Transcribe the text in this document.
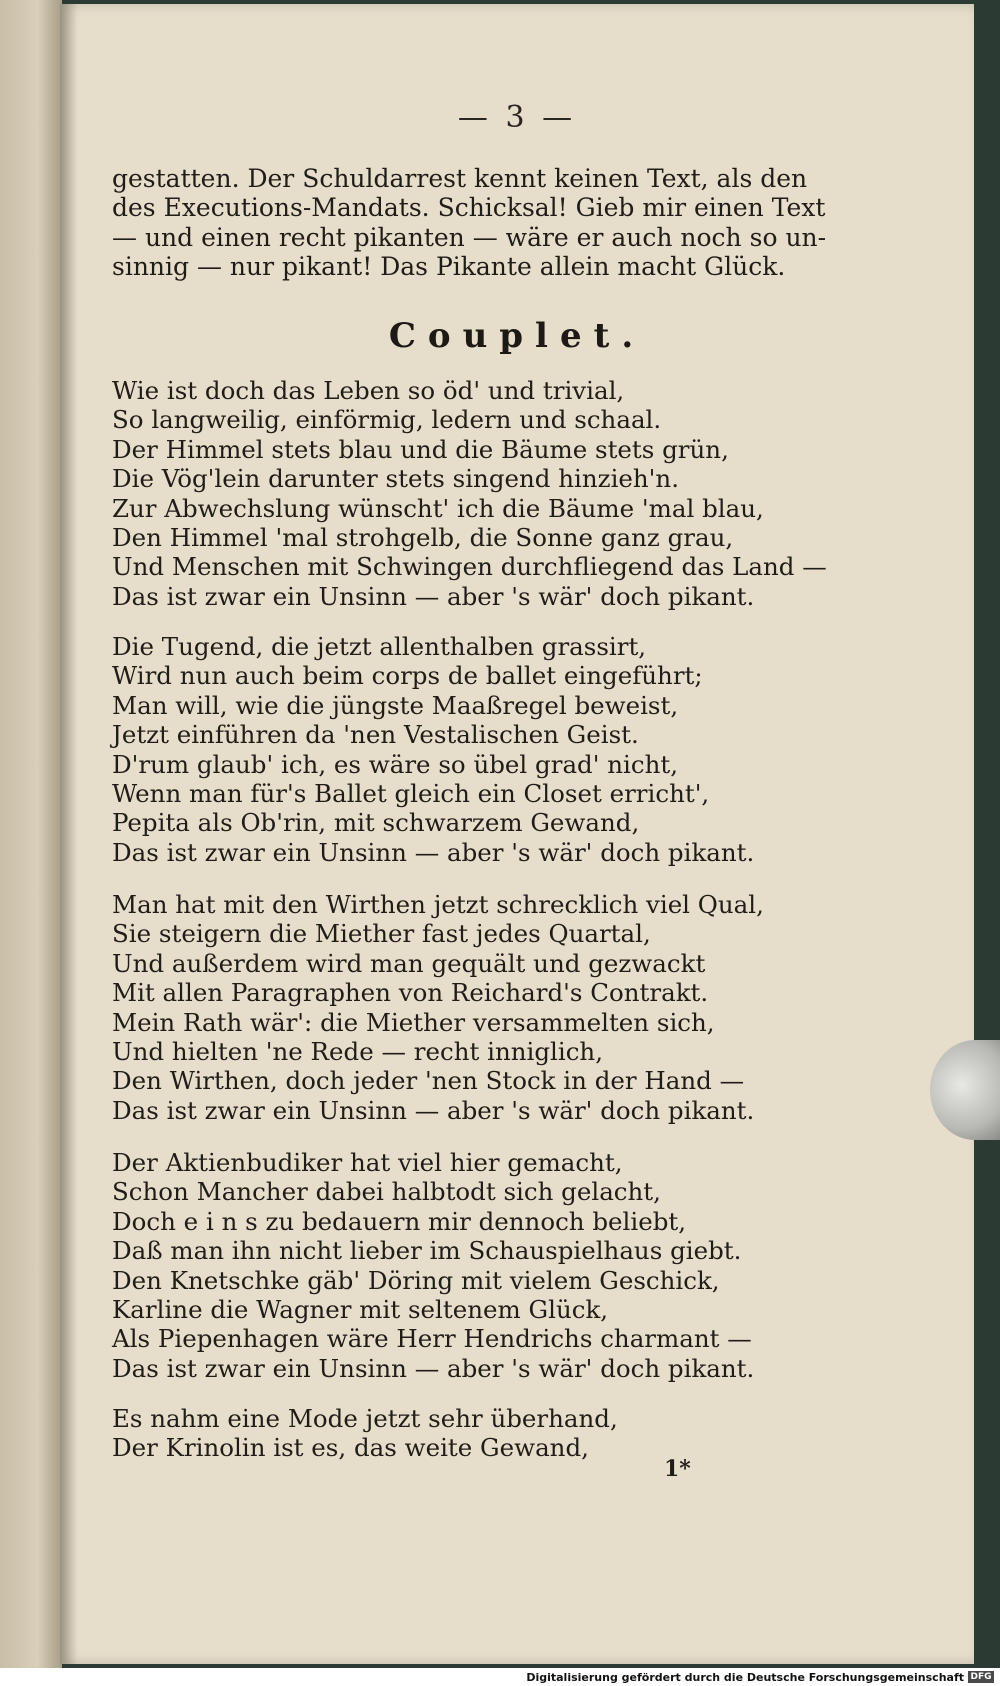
— 3 —
gestatten. Der Schuldarrest kennt keinen Text, als den
des Executions-Mandats. Schicksal! Gieb mir einen Text
— und einen recht pikanten — wäre er auch noch so un-
sinnig — nur pikant! Das Pikante allein macht Glück.
Couplet.
Wie ist doch das Leben so öd' und trivial,
So langweilig, einförmig, ledern und schaal.
Der Himmel stets blau und die Bäume stets grün,
Die Vög'lein darunter stets singend hinzieh'n.
Zur Abwechslung wünscht' ich die Bäume 'mal blau,
Den Himmel 'mal strohgelb, die Sonne ganz grau,
Und Menschen mit Schwingen durchfliegend das Land —
Das ist zwar ein Unsinn — aber 's wär' doch pikant.
Die Tugend, die jetzt allenthalben grassirt,
Wird nun auch beim corps de ballet eingeführt;
Man will, wie die jüngste Maaßregel beweist,
Jetzt einführen da 'nen Vestalischen Geist.
D'rum glaub' ich, es wäre so übel grad' nicht,
Wenn man für's Ballet gleich ein Closet erricht',
Pepita als Ob'rin, mit schwarzem Gewand,
Das ist zwar ein Unsinn — aber 's wär' doch pikant.
Man hat mit den Wirthen jetzt schrecklich viel Qual,
Sie steigern die Miether fast jedes Quartal,
Und außerdem wird man gequält und gezwackt
Mit allen Paragraphen von Reichard's Contrakt.
Mein Rath wär': die Miether versammelten sich,
Und hielten 'ne Rede — recht inniglich,
Den Wirthen, doch jeder 'nen Stock in der Hand —
Das ist zwar ein Unsinn — aber 's wär' doch pikant.
Der Aktienbudiker hat viel hier gemacht,
Schon Mancher dabei halbtodt sich gelacht,
Doch e i n s zu bedauern mir dennoch beliebt,
Daß man ihn nicht lieber im Schauspielhaus giebt.
Den Knetschke gäb' Döring mit vielem Geschick,
Karline die Wagner mit seltenem Glück,
Als Piepenhagen wäre Herr Hendrichs charmant —
Das ist zwar ein Unsinn — aber 's wär' doch pikant.
Es nahm eine Mode jetzt sehr überhand,
Der Krinolin ist es, das weite Gewand,
1*
Digitalisierung gefördert durch die Deutsche Forschungsgemeinschaft DFG
